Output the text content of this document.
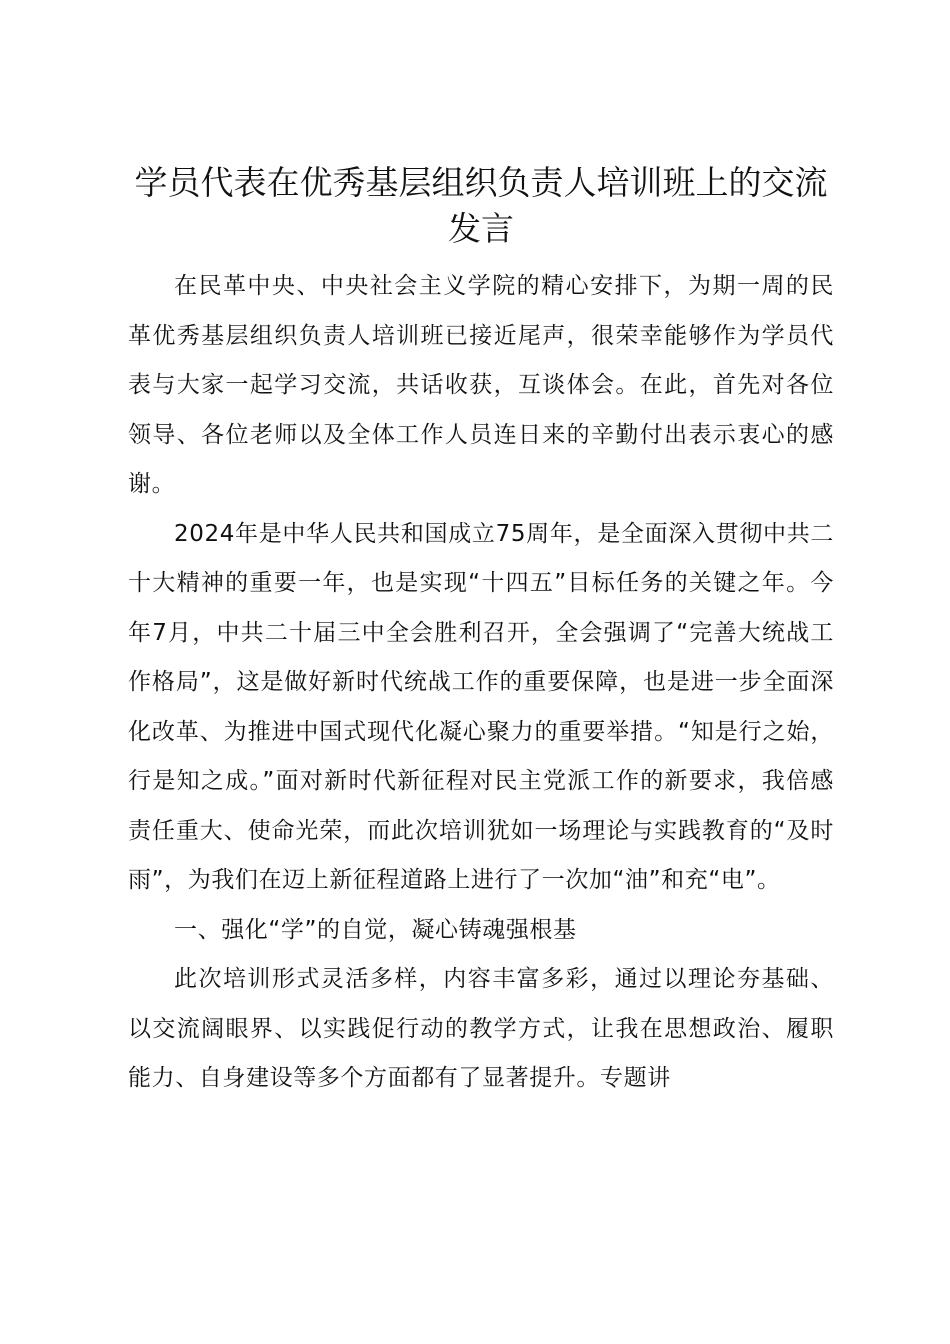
学员代表在优秀基层组织负责人培训班上的交流发言

在民革中央、中央社会主义学院的精心安排下，为期一周的民革优秀基层组织负责人培训班已接近尾声，很荣幸能够作为学员代表与大家一起学习交流，共话收获，互谈体会。在此，首先对各位领导、各位老师以及全体工作人员连日来的辛勤付出表示衷心的感谢。

2024年是中华人民共和国成立75周年，是全面深入贯彻中共二十大精神的重要一年，也是实现“十四五”目标任务的关键之年。今年7月，中共二十届三中全会胜利召开，全会强调了“完善大统战工作格局”，这是做好新时代统战工作的重要保障，也是进一步全面深化改革、为推进中国式现代化凝心聚力的重要举措。“知是行之始，行是知之成。”面对新时代新征程对民主党派工作的新要求，我倍感责任重大、使命光荣，而此次培训犹如一场理论与实践教育的“及时雨”，为我们在迈上新征程道路上进行了一次加“油”和充“电”。

一、强化“学”的自觉，凝心铸魂强根基

此次培训形式灵活多样，内容丰富多彩，通过以理论夯基础、以交流阔眼界、以实践促行动的教学方式，让我在思想政治、履职能力、自身建设等多个方面都有了显著提升。专题讲
